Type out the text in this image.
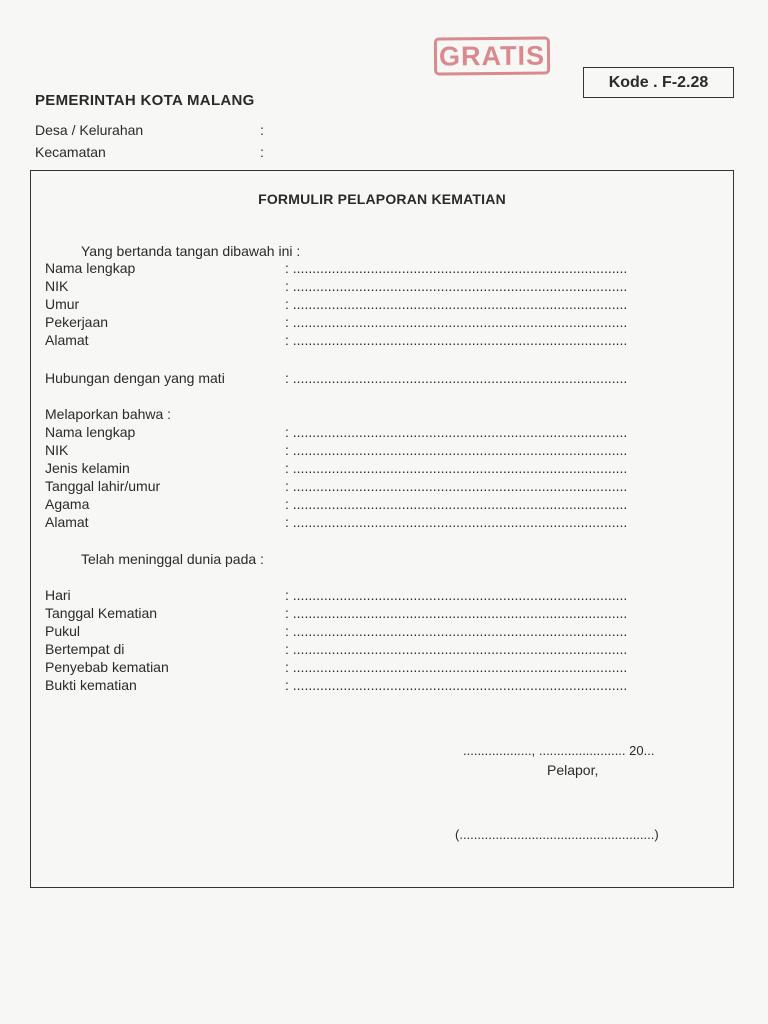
GRATIS
Kode . F-2.28
PEMERINTAH KOTA MALANG
Desa / Kelurahan	:
Kecamatan	:
FORMULIR PELAPORAN KEMATIAN
Yang bertanda tangan dibawah ini :
Nama lengkap	: ......................................................................................
NIK	: ......................................................................................
Umur	: ......................................................................................
Pekerjaan	: ......................................................................................
Alamat	: ......................................................................................
Hubungan dengan yang mati	: ......................................................................................
Melaporkan bahwa :
Nama lengkap	: ......................................................................................
NIK	: ......................................................................................
Jenis kelamin	: ......................................................................................
Tanggal lahir/umur	: ......................................................................................
Agama	: ......................................................................................
Alamat	: ......................................................................................
Telah meninggal dunia pada :
Hari	: ......................................................................................
Tanggal Kematian	: ......................................................................................
Pukul	: ......................................................................................
Bertempat di	: ......................................................................................
Penyebab kematian	: ......................................................................................
Bukti kematian	: ......................................................................................
..................., ........................ 20...
Pelapor,
(......................................................)
